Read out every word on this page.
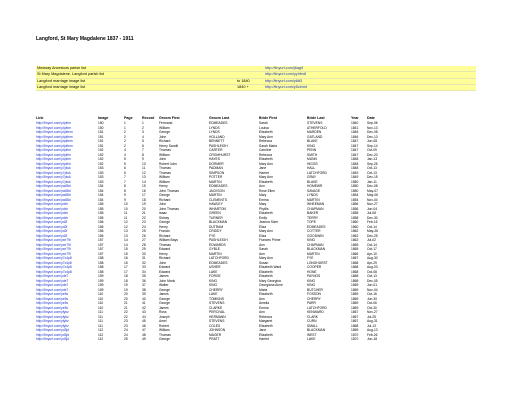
Langford, St Mary Magdalene 1837 - 1911
Medway Ancestors parish list	http://tinyurl.com/j6ag9
St Mary Magdalene, Langford parish list	http://tinyurl.com/yyhfrx8
Langford marriage image list	to 1840	http://tinyurl.com/y6tt3
Langford marriage image list	1840 +	http://tinyurl.com/y5clnmt
Link	Image	Page	Record	Groom First	Groom Last	Bride First	Bride Last	Year	Date
http://tinyurl.com/y4ptlm	150	1	1	Ferrnand	EDMEADES	Sarah	STEVENS	1840	Sep-06
http://tinyurl.com/y4ptlm	150	1	2	William	LYNDS	Louisa	ATHERFOLD	1841	Nov-13
http://tinyurl.com/y4ptlem	151	2	3	George	LYNDS	Elizabeth	MARDEN	1846	Dec-08
http://tinyurl.com/y4ptlem	151	2	4	John	HOLLAND	Mary Ann	GATLAND	1846	Dec-13
http://tinyurl.com/y4ptlem	151	2	5	Richard	BENNETT	Rebecca	BLAKE	1847	Jun-08
http://tinyurl.com/y4ptlem	151	2	6	Henry Sandit	PASHLEIGH	Sarah Maria	KING	1847	Sep-14
http://tinyurl.com/y4ptlm	152	4	7	Thomas	CARTER	Caroline	PENN	1847	Oct-09
http://tinyurl.com/y4ptlm	152	4	8	William	CROMHURST	Rebecca	SMITH	1847	Dec-20
http://tinyurl.com/y4ptlm	152	5	9	John	HAYES	Elizabeth	MUNN	1848	Jan-13
http://tinyurl.com/y4ptlm	152	5	10	Robert John	DORMER	Mary Ann	HIGGS	1848	Sep-26
http://tinyurl.com/y7ptuk	153	6	11	Thomas	PADMAN	Jane	HALL	1848	Oct-13
http://tinyurl.com/y7ptuk	153	6	12	Thomas	SIMPSON	Harriet	LATCHFORD	1849	Oct-13
http://tinyurl.com/y7ptuk	153	7	13	William	POTTER	Mary Ann	GRAY	1849	Dec-15
http://tinyurl.com/y7ptuk	153	7	14	William	MARTIN	Elizabeth	BLAKE	1850	Jan-11
http://tinyurl.com/yw88d	154	8	15	Henry	EDMEADES	Ann	HOMEWR	1850	Dec-08
http://tinyurl.com/yw88d	154	8	16	John Thomas	JACKSON	Rose Ellen	SAVAGE	1850	May-07
http://tinyurl.com/yw88d	154	9	17	George	MARTIN	Mary	LYNDS	1854	May-06
http://tinyurl.com/yw88d	154	9	18	Richard	CLEMENTS	Emma	MARTIN	1854	Nov-04
http://tinyurl.com/ydxh	155	10	19	John	HAWLEY	Mary	WHEEMAN	1856	Nov-27
http://tinyurl.com/ydxh	155	10	20	John Thomas	WHARTON	Phyllis	CHAPMAN	1856	Jun-04
http://tinyurl.com/ydxh	155	11	21	Isaac	GREEN	Elizabeth	BAKER	1858	Jul-08
http://tinyurl.com/ydxh	155	11	22	Sidney	TURNER	Emily	TERRY	1858	Dec-30
http://tinyurl.com/yd2f	156	12	23	George	BLACKMAN	Jeanna Sizer	TOPE	1860	Feb-16
http://tinyurl.com/yd2f	156	12	24	Henry	DUTRAM	Eliza	EDMEADES	1860	Oct-14
http://tinyurl.com/yd2f	156	13	25	Francis	CRIDDY	Mary Ann	COTTER	1862	May-26
http://tinyurl.com/yd2f	156	13	26	Richard	FYE	Eliza	GOODWIN	1862	Dec-25
http://tinyurl.com/yxe79l	157	14	27	William Bays	PASHLEIGH	Frances Prime	KING	1862	Jul-02
http://tinyurl.com/yxe79l	157	14	28	Thomas	EDWARDS	Ann	CHAPMAN	1865	Oct-14
http://tinyurl.com/yxe79l	157	15	29	Edward	GYBLE	Sarah	BLACKMAN	1865	Oct-17
http://tinyurl.com/yxe79l	157	15	30	Henry	MARTIN	Ann	MARTIN	1866	Apr-10
http://tinyurl.com/y7c4p8	158	16	31	Richard	LATCHFORD	Mary Ann	FYE	1867	Aug-30
http://tinyurl.com/y7c4p8	158	16	32	John	EDMEADES	Susan	LONGHURST	1868	Apr-29
http://tinyurl.com/y7c4p8	158	17	33	Edward	USHER	Elizabeth Ward	COOPER	1868	Aug-03
http://tinyurl.com/y7c4p8	158	17	34	Edward	LAKE	Elizabeth	HONE	1868	Oct-08
http://tinyurl.com/yde7	159	18	35	James	FORGE	Elizabeth	PAYNOS	1868	Oct-13
http://tinyurl.com/yde7	159	18	36	John Monk	KING	Mary Georgina	KING	1868	Dec-05
http://tinyurl.com/yde7	159	19	37	Walter	KING	Georgiana Anne	KING	1869	Jun-01
http://tinyurl.com/yde7	159	19	38	George	CHERRY	Maria	BUTCHER	1869	Nov-04
http://tinyurl.com/ye5s	110	20	39	James	LAKE	Elizabeth	FOSSON	1869	Oct-16
http://tinyurl.com/ye5s	110	20	40	George	TOMKINS	Ann	CHERRY	1869	Jun-30
http://tinyurl.com/ye5s	110	21	41	George	STEVENS	Amelia	PARR	1869	Oct-06
http://tinyurl.com/ye5s	110	21	42	James	CLARKE	Emma	LATCHFORD	1869	Oct-30
http://tinyurl.com/yfybz	111	22	43	Ross	PERCIVAL	Ann	KENWARD	1867	Nov-27
http://tinyurl.com/yfybz	111	22	44	Joseph	HERMANN	Rebecca	CLARK	1867	Jul-25
http://tinyurl.com/yfybz	111	23	45	Amel	STEVENS	Margaret	CURN	1867	Aug-31
http://tinyurl.com/yfybz	111	23	46	Robert	COLES	Elizabeth	SMALL	1868	Jul-13
http://tinyurl.com/yd3jd	112	24	47	William	JOHNSON	Jane	BLACKMAN	1869	Aug-13
http://tinyurl.com/yd3jd	112	24	48	Thomas	MAGER	Elizabeth	WEST	1870	Feb-26
http://tinyurl.com/yd3jd	112	25	49	George	PRATT	Harriet	LAKE	1870	Jun-18
